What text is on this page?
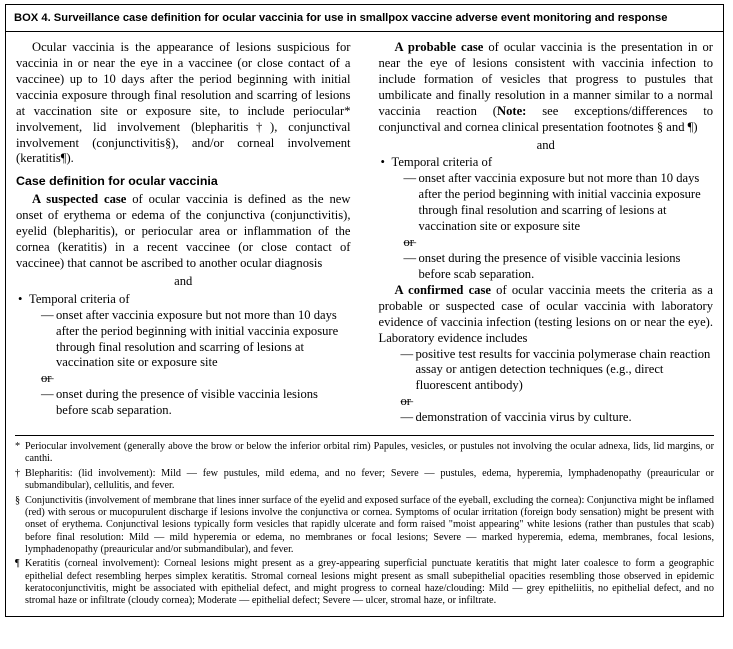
BOX 4. Surveillance case definition for ocular vaccinia for use in smallpox vaccine adverse event monitoring and response

Ocular vaccinia is the appearance of lesions suspicious for vaccinia in or near the eye in a vaccinee (or close contact of a vaccinee) up to 10 days after the period beginning with initial vaccinia exposure through final resolution and scarring of lesions at vaccination site or exposure site, to include periocular* involvement, lid involvement (blepharitis†), conjunctival involvement (conjunctivitis§), and/or corneal involvement (keratitis¶).

Case definition for ocular vaccinia

A suspected case of ocular vaccinia is defined as the new onset of erythema or edema of the conjunctiva (conjunctivitis), eyelid (blepharitis), or periocular area or inflammation of the cornea (keratitis) in a recent vaccinee (or close contact of vaccinee) that cannot be ascribed to another ocular diagnosis

and

• Temporal criteria of
— onset after vaccinia exposure but not more than 10 days after the period beginning with initial vaccinia exposure through final resolution and scarring of lesions at vaccination site or exposure site
— or
— onset during the presence of visible vaccinia lesions before scab separation.

A probable case of ocular vaccinia is the presentation in or near the eye of lesions consistent with vaccinia infection to include formation of vesicles that progress to pustules that umbilicate and finally resolution in a manner similar to a normal vaccinia reaction (Note: see exceptions/differences to conjunctival and cornea clinical presentation footnotes § and ¶)

and

• Temporal criteria of
— onset after vaccinia exposure but not more than 10 days after the period beginning with initial vaccinia exposure through final resolution and scarring of lesions at vaccination site or exposure site
— or
— onset during the presence of visible vaccinia lesions before scab separation.

A confirmed case of ocular vaccinia meets the criteria as a probable or suspected case of ocular vaccinia with laboratory evidence of vaccinia infection (testing lesions on or near the eye). Laboratory evidence includes

— positive test results for vaccinia polymerase chain reaction assay or antigen detection techniques (e.g., direct fluorescent antibody)
— or
— demonstration of vaccinia virus by culture.
* Periocular involvement (generally above the brow or below the inferior orbital rim) Papules, vesicles, or pustules not involving the ocular adnexa, lids, lid margins, or canthi.
† Blepharitis: (lid involvement): Mild — few pustules, mild edema, and no fever; Severe — pustules, edema, hyperemia, lymphadenopathy (preauricular or submandibular), cellulitis, and fever.
§ Conjunctivitis (involvement of membrane that lines inner surface of the eyelid and exposed surface of the eyeball, excluding the cornea): Conjunctiva might be inflamed (red) with serous or mucopurulent discharge if lesions involve the conjunctiva or cornea. Symptoms of ocular irritation (foreign body sensation) might be present with onset of erythema. Conjunctival lesions typically form vesicles that rapidly ulcerate and form raised "moist appearing" white lesions (rather than pustules that scab) before final resolution: Mild — mild hyperemia or edema, no membranes or focal lesions; Severe — marked hyperemia, edema, membranes, focal lesions, lymphadenopathy (preauricular and/or submandibular), and fever.
¶ Keratitis (corneal involvement): Corneal lesions might present as a grey-appearing superficial punctuate keratitis that might later coalesce to form a geographic epithelial defect resembling herpes simplex keratitis. Stromal corneal lesions might present as small subepithelial opacities resembling those observed in epidemic keratoconjunctivitis, might be associated with epithelial defect, and might progress to corneal haze/clouding: Mild — grey epitheliitis, no epithelial defect, and no stromal haze or infiltrate (cloudy cornea); Moderate — epithelial defect; Severe — ulcer, stromal haze, or infiltrate.
